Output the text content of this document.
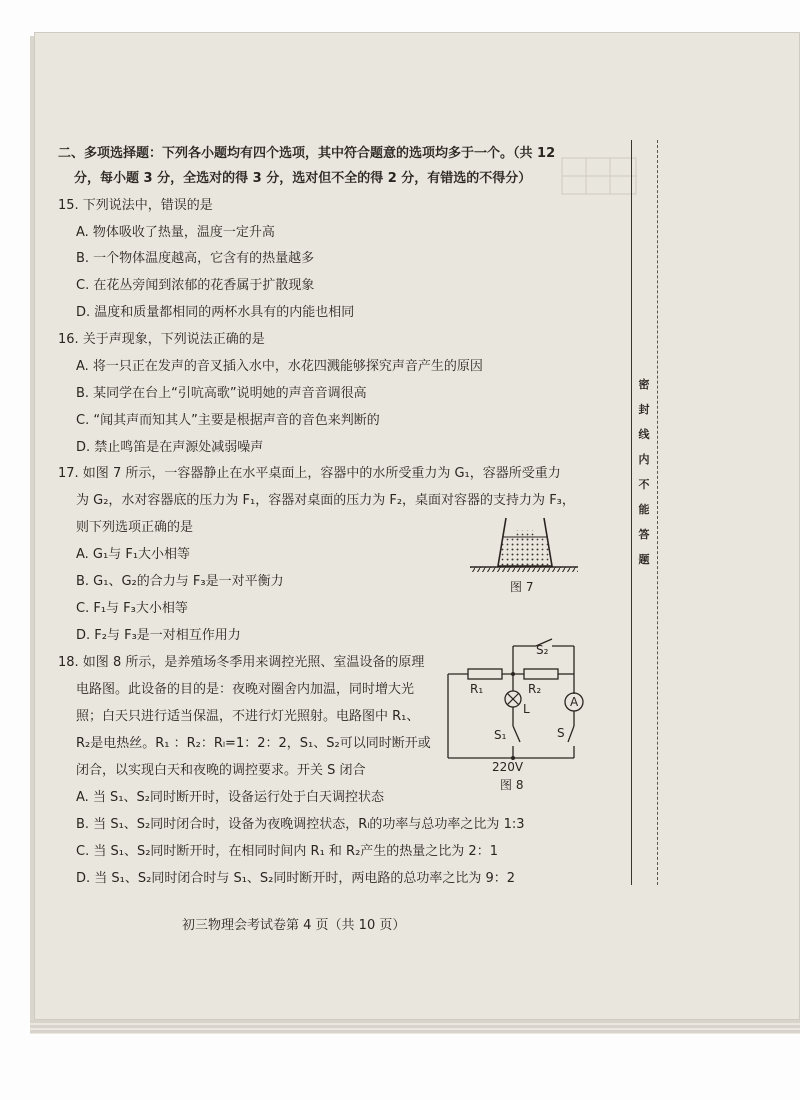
二、多项选择题：下列各小题均有四个选项，其中符合题意的选项均多于一个。（共 12
分，每小题 3 分，全选对的得 3 分，选对但不全的得 2 分，有错选的不得分）
15. 下列说法中，错误的是
A. 物体吸收了热量，温度一定升高
B. 一个物体温度越高，它含有的热量越多
C. 在花丛旁闻到浓郁的花香属于扩散现象
D. 温度和质量都相同的两杯水具有的内能也相同
16. 关于声现象，下列说法正确的是
A. 将一只正在发声的音叉插入水中，水花四溅能够探究声音产生的原因
B. 某同学在台上“引吭高歌”说明她的声音音调很高
C. “闻其声而知其人”主要是根据声音的音色来判断的
D. 禁止鸣笛是在声源处减弱噪声
17. 如图 7 所示，一容器静止在水平桌面上，容器中的水所受重力为 G₁，容器所受重力
为 G₂，水对容器底的压力为 F₁，容器对桌面的压力为 F₂，桌面对容器的支持力为 F₃，
则下列选项正确的是
A. G₁与 F₁大小相等
B. G₁、G₂的合力与 F₃是一对平衡力
C. F₁与 F₃大小相等
D. F₂与 F₃是一对相互作用力
图 7
18. 如图 8 所示，是养殖场冬季用来调控光照、室温设备的原理
电路图。此设备的目的是：夜晚对圈舍内加温，同时增大光
照；白天只进行适当保温，不进行灯光照射。电路图中 R₁、
R₂是电热丝。R₁ ：R₂：Rₗ=1：2：2，S₁、S₂可以同时断开或
闭合，以实现白天和夜晚的调控要求。开关 S 闭合
A. 当 S₁、S₂同时断开时，设备运行处于白天调控状态
B. 当 S₁、S₂同时闭合时，设备为夜晚调控状态，Rₗ的功率与总功率之比为 1:3
C. 当 S₁、S₂同时断开时，在相同时间内 R₁ 和 R₂产生的热量之比为 2：1
D. 当 S₁、S₂同时闭合时与 S₁、S₂同时断开时，两电路的总功率之比为 9：2
S₂
R₁	R₂
L	A
S₁	S
220V
图 8
密
封
线
内
不
能
答
题
初三物理会考试卷第 4 页（共 10 页）
